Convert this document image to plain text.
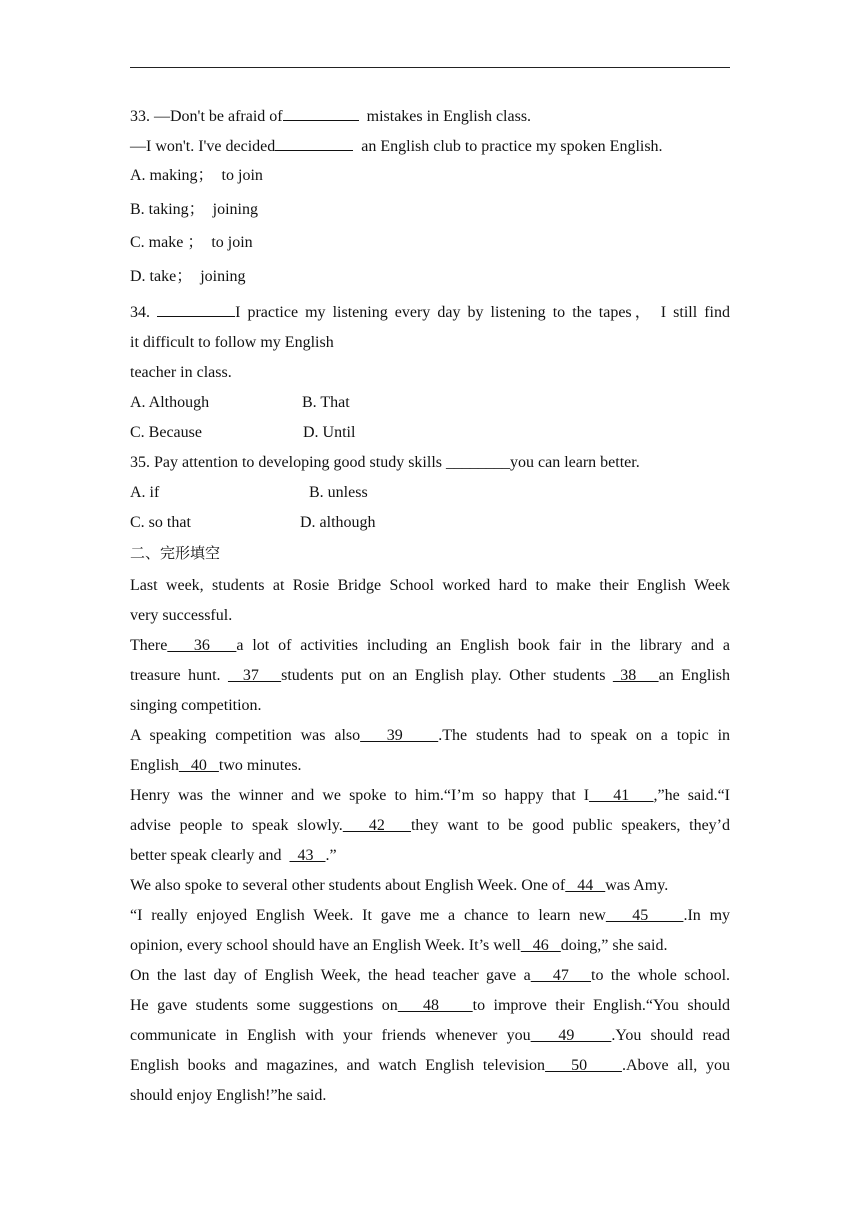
33. —Don't be afraid of	mistakes in English class.
—I won't. I've decided	an English club to practice my spoken English.
A. making；  to join
B. taking；  joining
C. make ；  to join
D. take；  joining
34.	I practice my listening every day by listening to the tapes， I still find
it difficult to follow my English
teacher in class.
A. Although	B. That
C. Because	D. Until
35. Pay attention to developing good study skills ________you can learn better.
A. if	B. unless
C. so that	D. although
二、完形填空
Last week, students at Rosie Bridge School worked hard to make their English Week
very successful.
There   36   a lot of activities including an English book fair in the library and a
treasure hunt.   37   students put on an English play. Other students  38   an English
singing competition.
A speaking competition was also   39    .The students had to speak on a topic in
English   40   two minutes.
Henry was the winner and we spoke to him.“I’m so happy that I   41   ,”he said.“I
advise people to speak slowly.   42   they want to be good public speakers, they’d
better speak clearly and    43   .”
We also spoke to several other students about English Week. One of   44   was Amy.
“I really enjoyed English Week. It gave me a chance to learn new   45    .In my
opinion, every school should have an English Week. It’s well   46   doing,” she said.
On the last day of English Week, the head teacher gave a   47   to the whole school.
He gave students some suggestions on   48    to improve their English.“You should
communicate in English with your friends whenever you   49    .You should read
English books and magazines, and watch English television   50    .Above all, you
should enjoy English!”he said.
